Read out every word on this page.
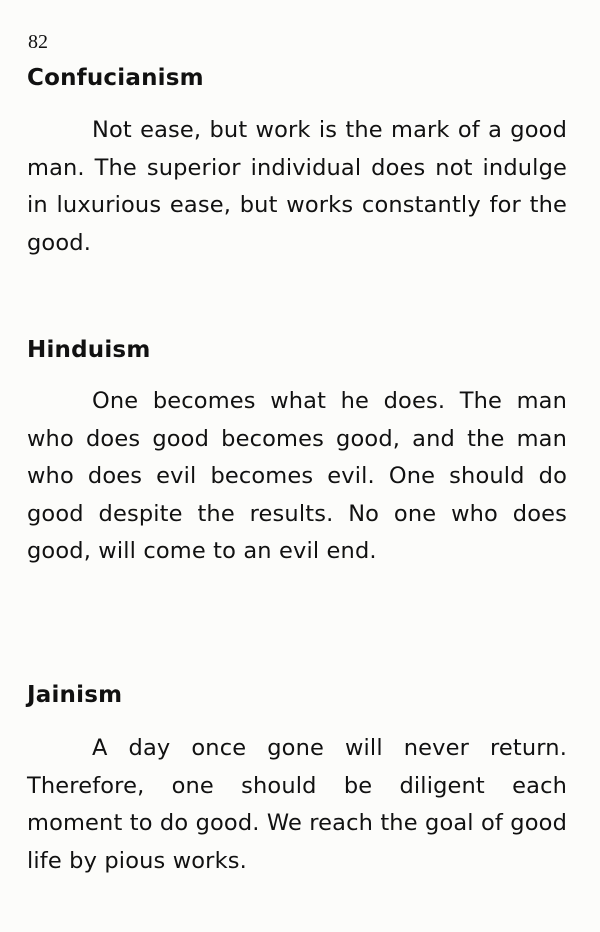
82
Confucianism

Not ease, but work is the mark of a good man. The superior individual does not indulge in luxurious ease, but works constantly for the good.

Hinduism

One becomes what he does. The man who does good becomes good, and the man who does evil becomes evil. One should do good despite the results. No one who does good, will come to an evil end.

Jainism

A day once gone will never return. Therefore, one should be diligent each moment to do good. We reach the goal of good life by pious works.
